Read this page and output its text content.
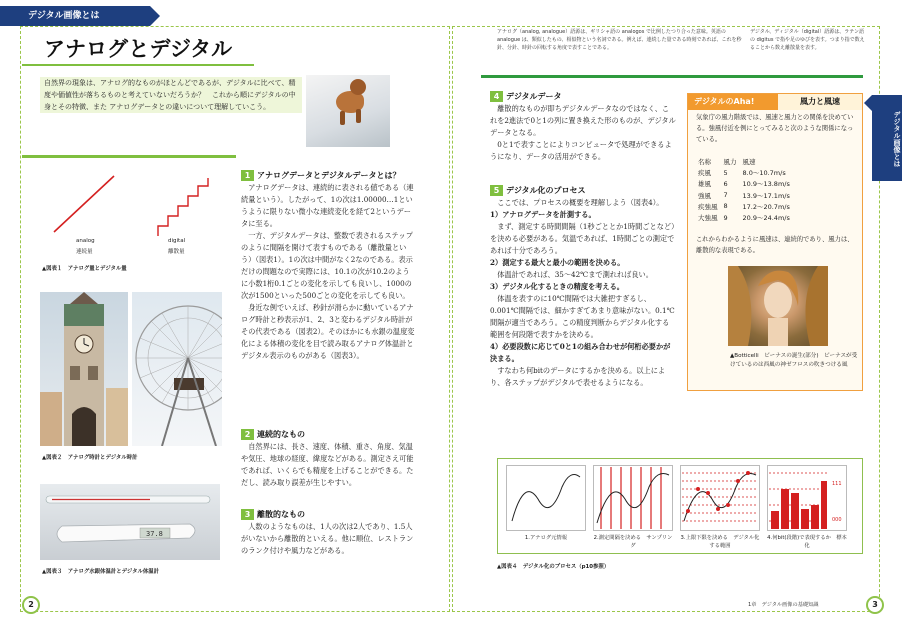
デジタル画像とは
アナログとデジタル
自然界の現象は、アナログ的なものがほとんどであるが、デジタルに比べて、精度や価値性が落ちるものと考えていないだろうか？　これから順にデジタルの中身とその特徴、また アナログデータとの違いについて理解していこう。
analog
連続量
digital
離散量
▲図表１　アナログ量とデジタル量
▲図表２　アナログ時計とデジタル時計
37.8
▲図表３　アナログ水銀体温計とデジタル体温計
1 アナログデータとデジタルデータとは？
アナログデータは、連続的に表される値である（連続量という）。したがって、1の次は1.00000…1というように限りない微小な連続変化を経て2というデータに至る。
一方、デジタルデータは、整数で表されるステップのように間隔を開けて表すものである（離散量という）（図表1）。1の次は中間がなく2なのである。表示だけの問題なので実際には、10.1の次が10.2のように小数1桁0.1ごとの変化を示しても良いし、1000の次が1500といった500ごとの変化を示しても良い。
身近な例でいえば、秒針が滑らかに動いているアナログ時計と秒表示が1、2、3と変わるデジタル時計がその代表である（図表2）。そのほかにも水銀の温度変化による体積の変化を目で読み取るアナログ体温計とデジタル表示のものがある（図表3）。
2 連続的なもの
自然界には、長さ、速度、体積、重さ、角度、気温や気圧、地球の経度、緯度などがある。測定さえ可能であれば、いくらでも精度を上げることができる。ただし、読み取り誤差が生じやすい。
3 離散的なもの
人数のようなものは、1人の次は2人であり、1.5人がいないから離散的といえる。他に順位、レストランのランク付けや風力などがある。
2
アナログ（analog, analogue）語源は、ギリシャ語の analogos で比例したつり合った意味。英語の analogue は、類似したもの、相似物という名詞である。例えば、連続した量である時刻であれば、これを秒針、分針、時針の回転する角度で表すことである。
デジタル、ディジタル（digital）語源は、ラテン語の digitus で指や足のゆびを表す。つまり指で数えることから数え離散量を表す。
4 デジタルデータ
離散的なものが即ちデジタルデータなのではなく、これを2進法で0と1の列に置き換えた形のものが、デジタルデータとなる。
0と1で表すことによりコンピュータで処理ができるようになり、データの活用ができる。
5 デジタル化のプロセス
ここでは、プロセスの概要を理解しよう（図表4）。
1）アナログデータを計測する。
まず、測定する時間間隔（1秒ごととか1時間ごとなど）を決める必要がある。気温であれば、1時間ごとの測定であれば十分であろう。
2）測定する最大と最小の範囲を決める。
体温計であれば、35〜42℃まで測れれば良い。
3）デジタル化するときの精度を考える。
体温を表すのに10℃間隔では大雑把すぎるし、0.001℃間隔では、細かすぎてあまり意味がない。0.1℃間隔が適当であろう。この精度判断からデジタル化する範囲を何段階で表すかを決める。
4）必要段数に応じて0と1の組み合わせが何桁必要かが決まる。
すなわち何bitのデータにするかを決める。以上により、各ステップがデジタルで表せるようになる。
デジタルのAha!	風力と風速
気象庁の風力階級では、風速と風力との関係を決めている。強風付近を例にとってみると次のような関係になっている。
名称	風力	風速
疾風	5	8.0〜10.7m/s
雄風	6	10.9〜13.8m/s
強風	7	13.9〜17.1m/s
疾強風	8	17.2〜20.7m/s
大強風	9	20.9〜24.4m/s
これからわかるように風速は、連続的であり、風力は、離散的な表現である。
▲Botticelli　ビーナスの誕生(部分)　ビーナスが受けているのは西風の神ゼフロスの吹きつける風
111
000
1.アナログ元情報	2.測定間隔を決める　サンプリング
3.上限下限を決める　デジタル化する範囲
4.何bit(段階)で表現するか　標本化
▲図表４　デジタル化のプロセス（p10参照）
デジタル画像とは
1章　デジタル画像の基礎知識	3
